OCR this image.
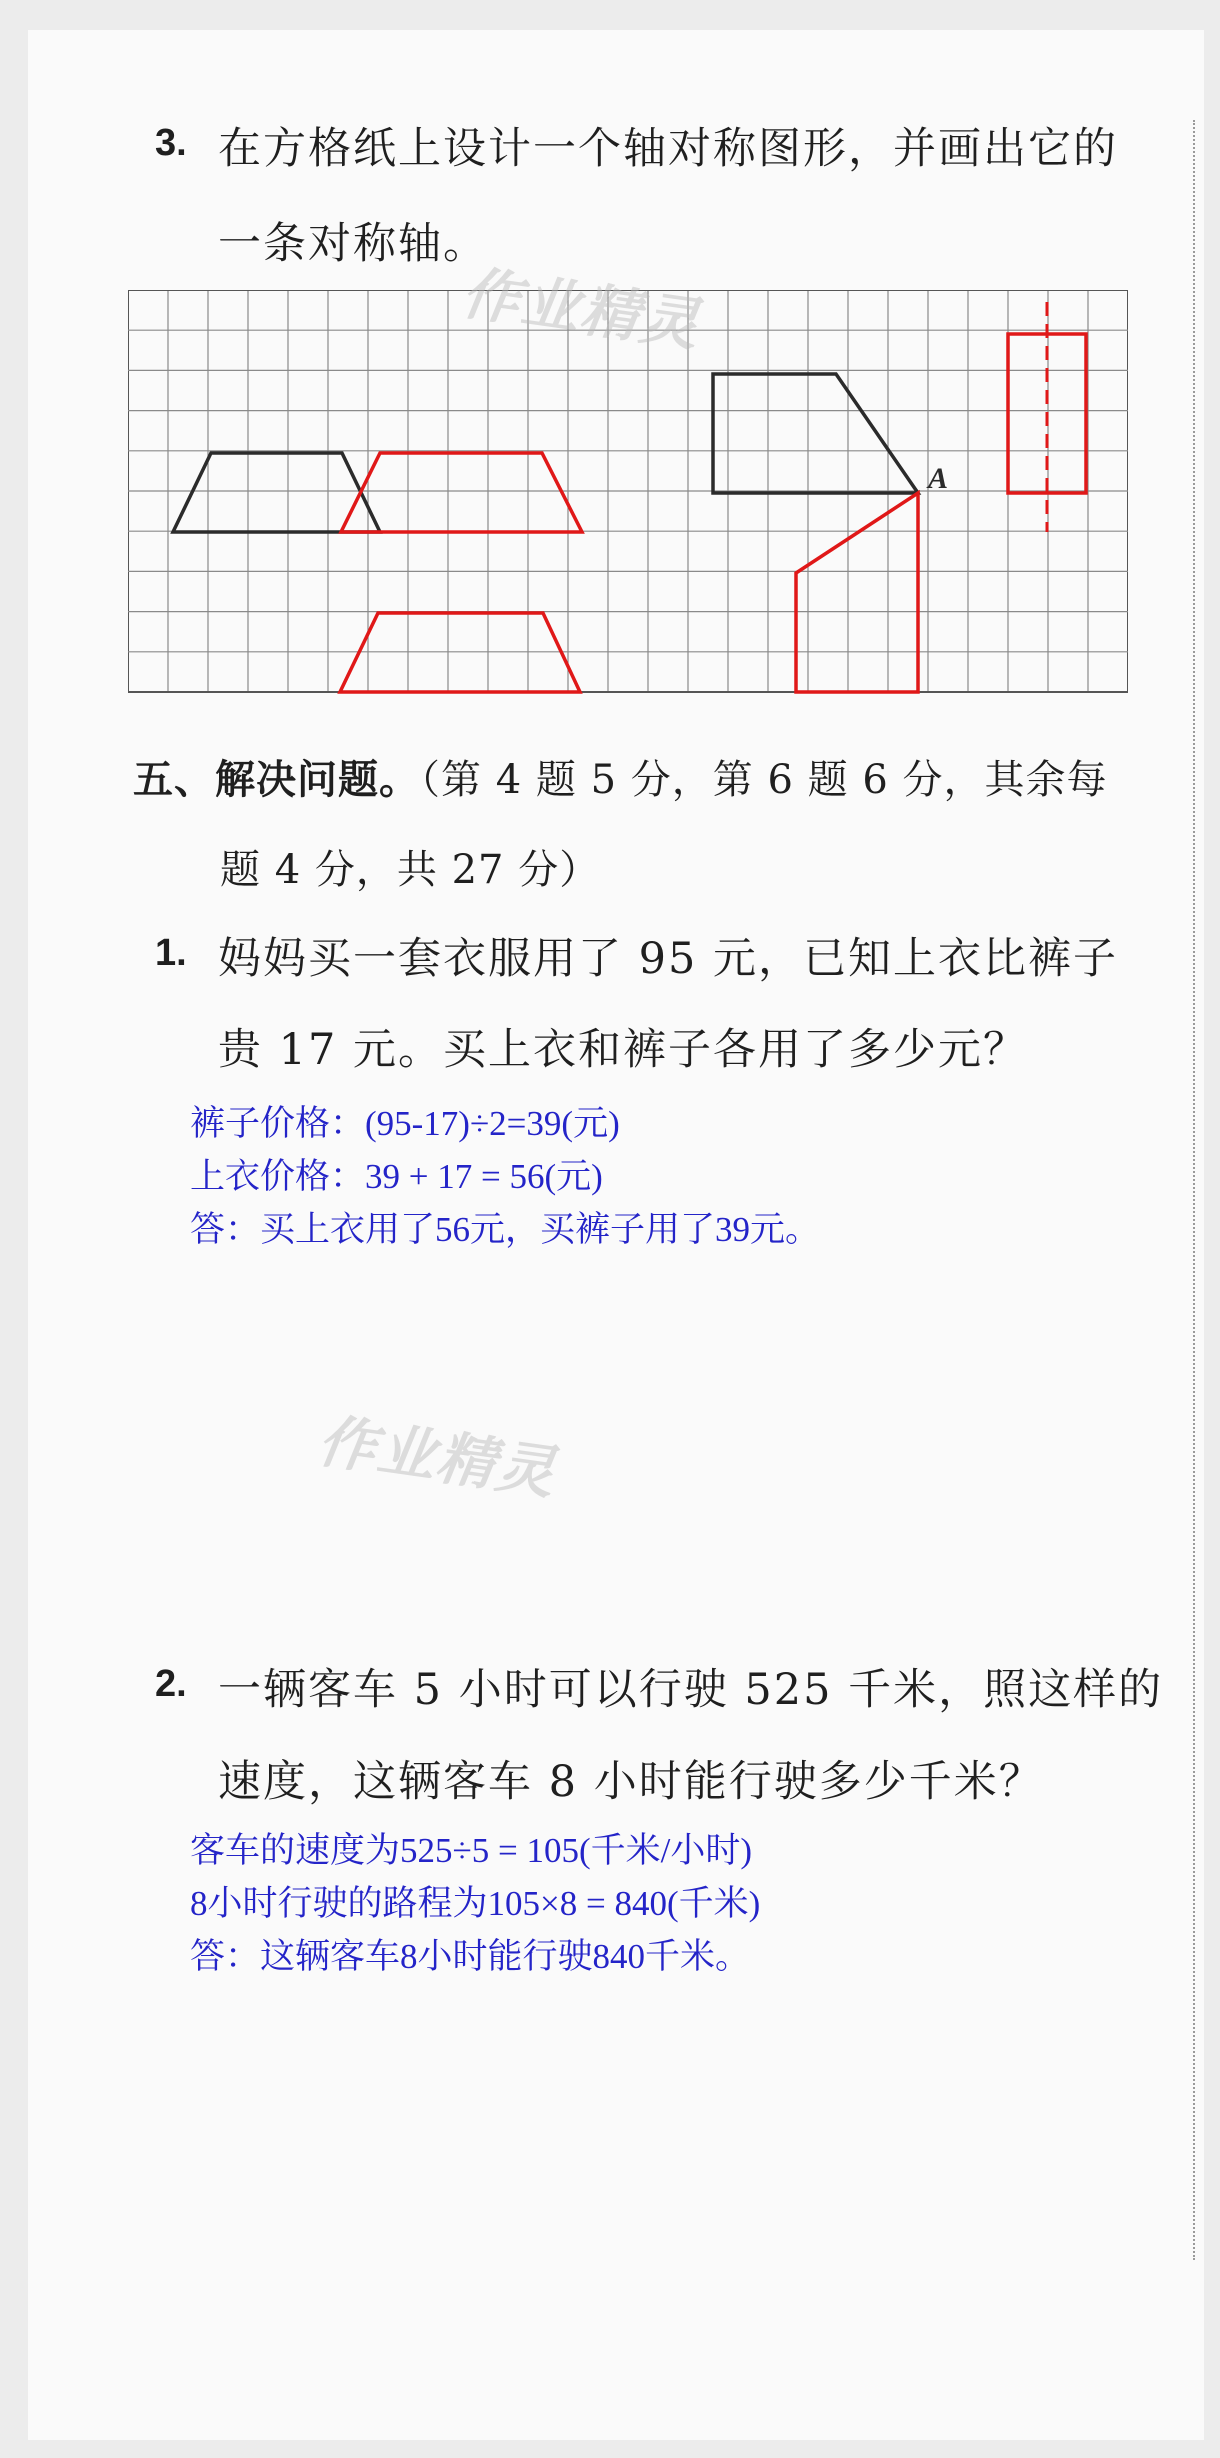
3. 在方格纸上设计一个轴对称图形，并画出它的
一条对称轴。
A
五、解决问题。（第 4 题 5 分，第 6 题 6 分，其余每
题 4 分，共 27 分）
1. 妈妈买一套衣服用了 95 元，已知上衣比裤子
贵 17 元。买上衣和裤子各用了多少元？
裤子价格：(95-17)÷2=39(元)
上衣价格：39 + 17 = 56(元)
答：买上衣用了56元，买裤子用了39元。
作业精灵
作业精灵
2. 一辆客车 5 小时可以行驶 525 千米，照这样的
速度，这辆客车 8 小时能行驶多少千米？
客车的速度为525÷5 = 105(千米/小时)
8小时行驶的路程为105×8 = 840(千米)
答：这辆客车8小时能行驶840千米。
